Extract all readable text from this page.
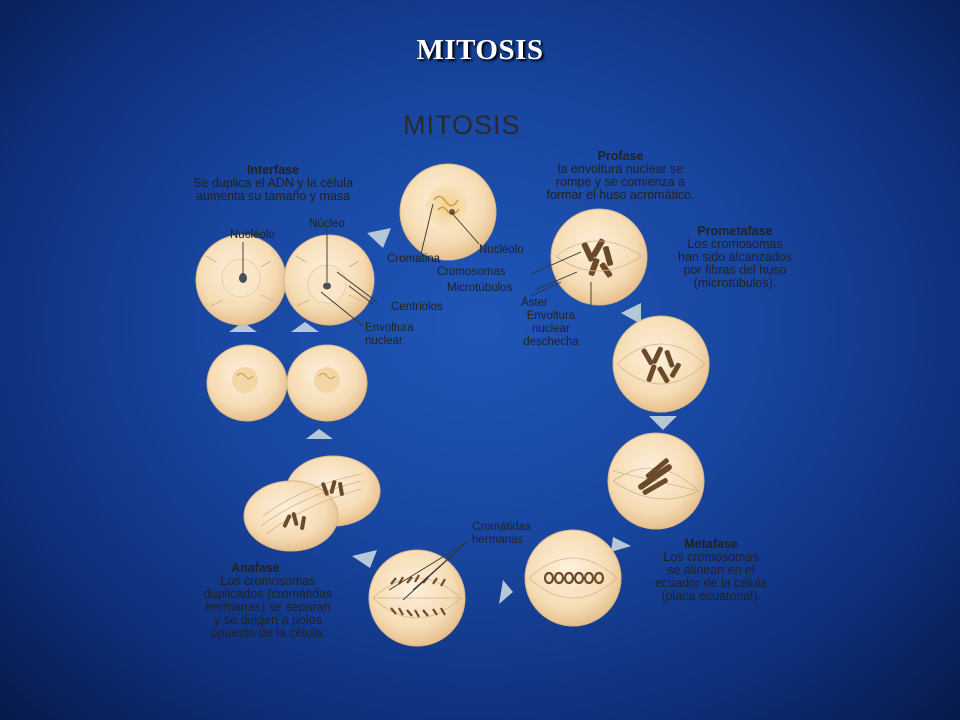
MITOSIS
MITOSIS
Interfase
Se duplica el ADN y la célula
aumenta su tamaño y masa
Profase
la envoltura nuclear se
rompe y se comienza a
formar el huso acromático.
Prometafase
Los cromosomas
han sido alcanzados
por fibras del huso
(microtúbulos).
Metafase
Los cromosomas
se alinean en el
ecuador de la célula
(placa ecuatorial).
Anafase
Los cromosomas
duplicados (cromátidas
hermanas) se separan
y se dirigen a polos
opuesto de la célula.
Nucléolo
Núcleo
Centriolos
Envoltura
nuclear
Cromatina
Nucléolo
Cromosomas
Microtúbulos
Áster
Envoltura
nuclear
deschecha
Cromátidas
hermanas
